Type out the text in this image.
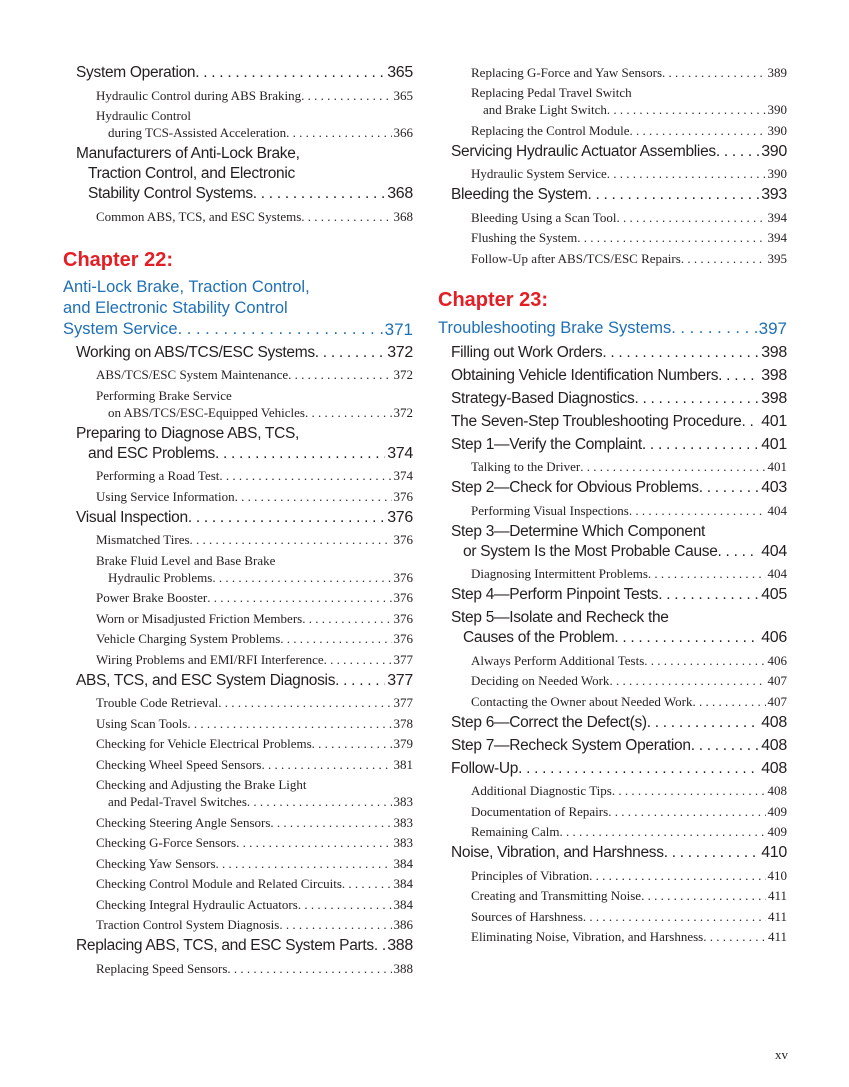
System Operation . . .	365
Hydraulic Control during ABS Braking . . .	365
Hydraulic Control
during TCS-Assisted Acceleration . . .	366
Manufacturers of Anti-Lock Brake,
Traction Control, and Electronic
Stability Control Systems . . .	368
Common ABS, TCS, and ESC Systems . . .	368
Chapter 22:
Anti-Lock Brake, Traction Control,
and Electronic Stability Control
System Service . . .	371
Working on ABS/TCS/ESC Systems . . .	372
ABS/TCS/ESC System Maintenance . . .	372
Performing Brake Service
on ABS/TCS/ESC-Equipped Vehicles . . .	372
Preparing to Diagnose ABS, TCS,
and ESC Problems . . .	374
Performing a Road Test . . .	374
Using Service Information . . .	376
Visual Inspection . . .	376
Mismatched Tires . . .	376
Brake Fluid Level and Base Brake
Hydraulic Problems . . .	376
Power Brake Booster . . .	376
Worn or Misadjusted Friction Members . . .	376
Vehicle Charging System Problems . . .	376
Wiring Problems and EMI/RFI Interference . . .	377
ABS, TCS, and ESC System Diagnosis . . .	377
Trouble Code Retrieval . . .	377
Using Scan Tools . . .	378
Checking for Vehicle Electrical Problems . . .	379
Checking Wheel Speed Sensors . . .	381
Checking and Adjusting the Brake Light
and Pedal-Travel Switches . . .	383
Checking Steering Angle Sensors . . .	383
Checking G-Force Sensors . . .	383
Checking Yaw Sensors . . .	384
Checking Control Module and Related Circuits . . .	384
Checking Integral Hydraulic Actuators . . .	384
Traction Control System Diagnosis . . .	386
Replacing ABS, TCS, and ESC System Parts . . . 388
Replacing Speed Sensors . . .	388
Replacing G-Force and Yaw Sensors . . .	389
Replacing Pedal Travel Switch
and Brake Light Switch . . .	390
Replacing the Control Module . . .	390
Servicing Hydraulic Actuator Assemblies . . .	390
Hydraulic System Service . . .	390
Bleeding the System . . .	393
Bleeding Using a Scan Tool . . .	394
Flushing the System . . .	394
Follow-Up after ABS/TCS/ESC Repairs . . .	395
Chapter 23:
Troubleshooting Brake Systems . . .	397
Filling out Work Orders . . .	398
Obtaining Vehicle Identification Numbers . . .	398
Strategy-Based Diagnostics . . .	398
The Seven-Step Troubleshooting Procedure . . . 401
Step 1—Verify the Complaint . . .	401
Talking to the Driver . . .	401
Step 2—Check for Obvious Problems . . .	403
Performing Visual Inspections . . .	404
Step 3—Determine Which Component
or System Is the Most Probable Cause . . .	404
Diagnosing Intermittent Problems . . .	404
Step 4—Perform Pinpoint Tests . . .	405
Step 5—Isolate and Recheck the
Causes of the Problem . . .	406
Always Perform Additional Tests . . .	406
Deciding on Needed Work . . .	407
Contacting the Owner about Needed Work . . .	407
Step 6—Correct the Defect(s) . . .	408
Step 7—Recheck System Operation . . .	408
Follow-Up . . .	408
Additional Diagnostic Tips . . .	408
Documentation of Repairs . . .	409
Remaining Calm . . .	409
Noise, Vibration, and Harshness . . .	410
Principles of Vibration . . .	410
Creating and Transmitting Noise . . .	411
Sources of Harshness . . .	411
Eliminating Noise, Vibration, and Harshness . . .	411
xv
